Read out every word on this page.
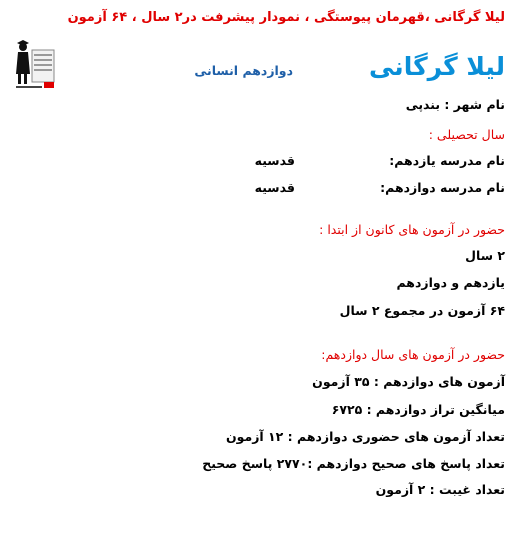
لیلا گرگانی ،قهرمان پیوستگی ، نمودار پیشرفت در۲ سال ، ۶۴ آزمون
لیلا گرگانی
دوازدهم انسانی
نام شهر : بندپی
سال تحصیلی :
نام مدرسه یازدهم:
قدسیه
نام مدرسه دوازدهم:
قدسیه
حضور در آزمون های کانون از ابتدا :
۲ سال
یازدهم و دوازدهم
۶۴ آزمون در مجموع ۲ سال
حضور در آزمون های سال دوازدهم:
آزمون های دوازدهم : ۳۵ آزمون
میانگین تراز دوازدهم : ۶۷۲۵
تعداد آزمون های حضوری دوازدهم : ۱۲ آزمون
تعداد پاسخ های صحیح دوازدهم :۲۷۷۰ پاسخ صحیح
تعداد غیبت : ۲ آزمون
